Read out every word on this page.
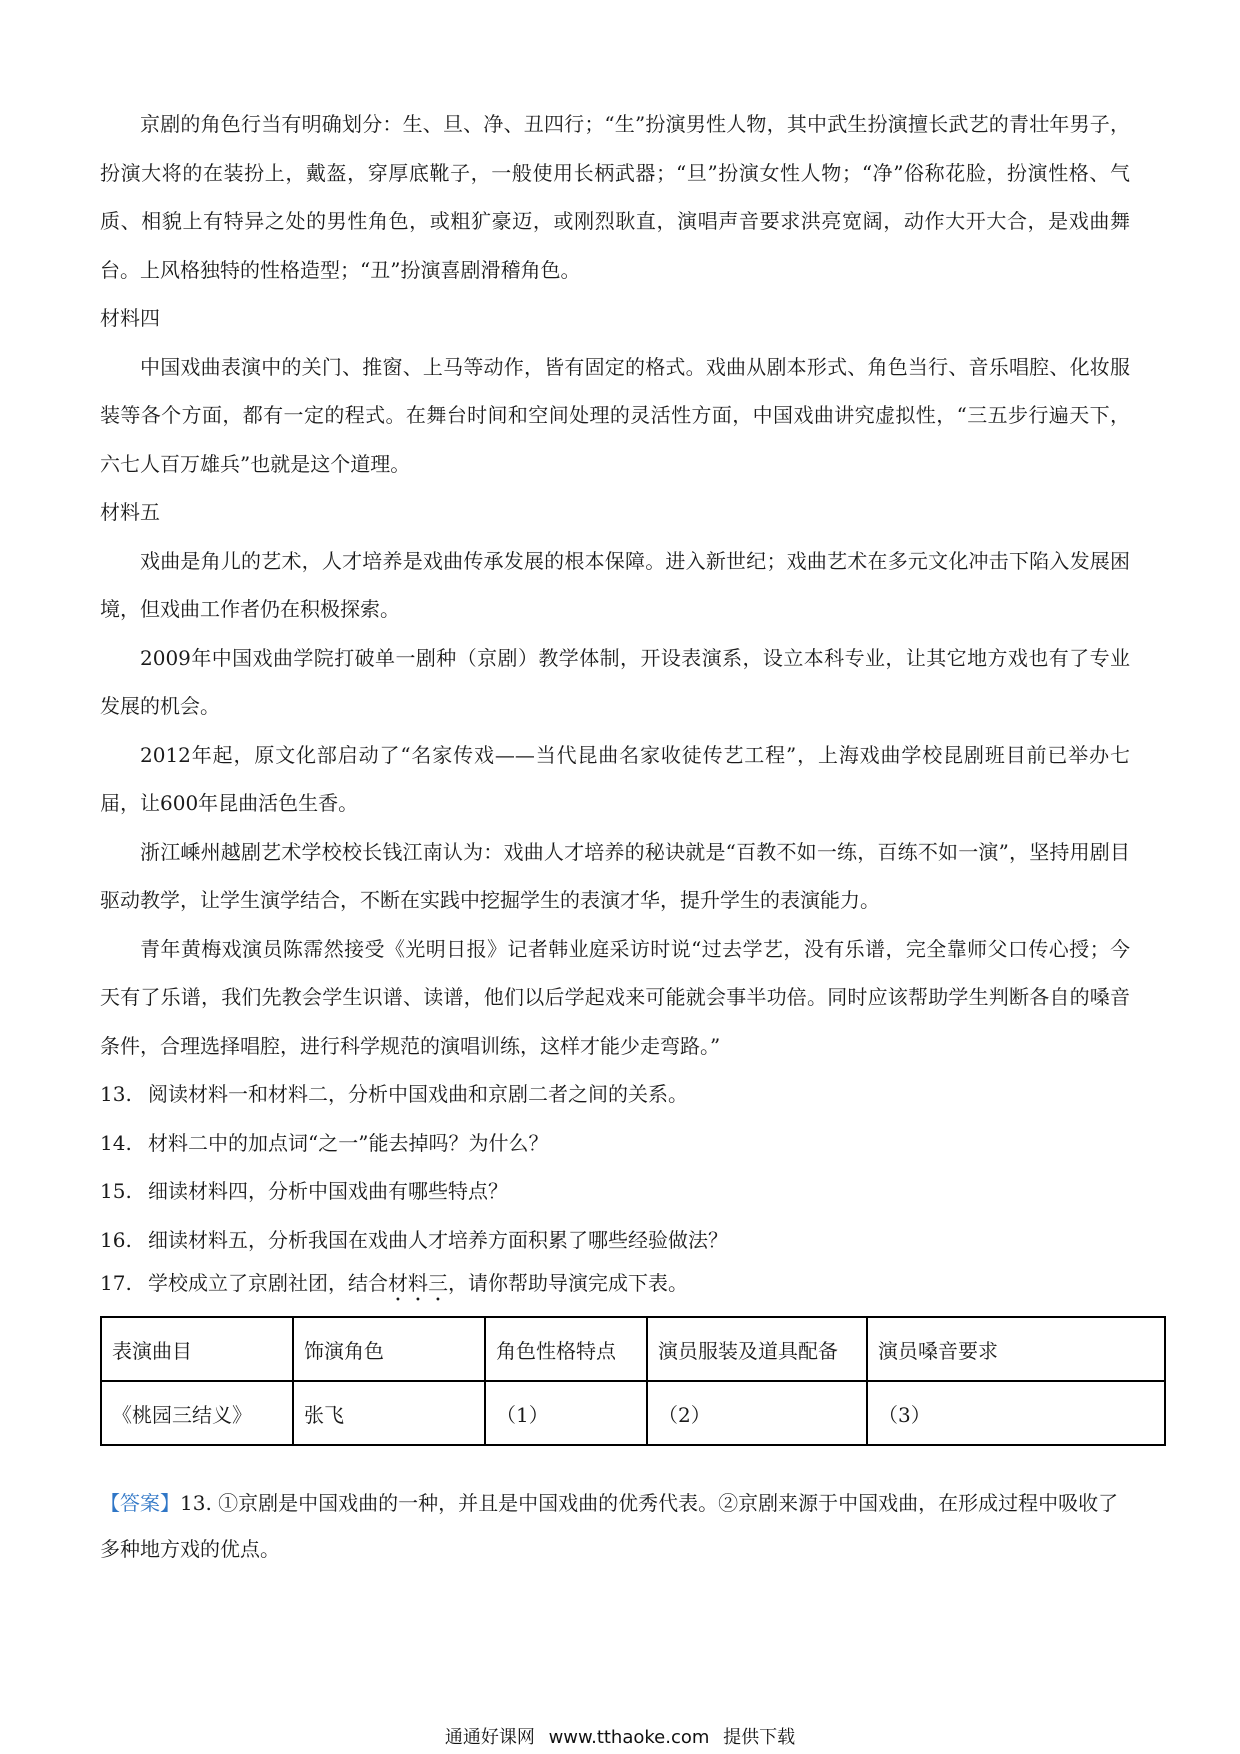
京剧的角色行当有明确划分：生、旦、净、丑四行；“生”扮演男性人物，其中武生扮演擅长武艺的青壮年男子，扮演大将的在装扮上，戴盔，穿厚底靴子，一般使用长柄武器；“旦”扮演女性人物；“净”俗称花脸，扮演性格、气质、相貌上有特异之处的男性角色，或粗犷豪迈，或刚烈耿直，演唱声音要求洪亮宽阔，动作大开大合，是戏曲舞台。上风格独特的性格造型；“丑”扮演喜剧滑稽角色。

材料四

中国戏曲表演中的关门、推窗、上马等动作，皆有固定的格式。戏曲从剧本形式、角色当行、音乐唱腔、化妆服装等各个方面，都有一定的程式。在舞台时间和空间处理的灵活性方面，中国戏曲讲究虚拟性，“三五步行遍天下，六七人百万雄兵”也就是这个道理。

材料五

戏曲是角儿的艺术，人才培养是戏曲传承发展的根本保障。进入新世纪；戏曲艺术在多元文化冲击下陷入发展困境，但戏曲工作者仍在积极探索。

2009年中国戏曲学院打破单一剧种（京剧）教学体制，开设表演系，设立本科专业，让其它地方戏也有了专业发展的机会。

2012年起，原文化部启动了“名家传戏——当代昆曲名家收徒传艺工程”，上海戏曲学校昆剧班目前已举办七届，让600年昆曲活色生香。

浙江嵊州越剧艺术学校校长钱江南认为：戏曲人才培养的秘诀就是“百教不如一练，百练不如一演”，坚持用剧目驱动教学，让学生演学结合，不断在实践中挖掘学生的表演才华，提升学生的表演能力。

青年黄梅戏演员陈霈然接受《光明日报》记者韩业庭采访时说“过去学艺，没有乐谱，完全靠师父口传心授；今天有了乐谱，我们先教会学生识谱、读谱，他们以后学起戏来可能就会事半功倍。同时应该帮助学生判断各自的嗓音条件，合理选择唱腔，进行科学规范的演唱训练，这样才能少走弯路。”

13. 阅读材料一和材料二，分析中国戏曲和京剧二者之间的关系。

14. 材料二中的加点词“之一”能去掉吗？为什么？

15. 细读材料四，分析中国戏曲有哪些特点？

16. 细读材料五，分析我国在戏曲人才培养方面积累了哪些经验做法？

17. 学校成立了京剧社团，结合材料三，请你帮助导演完成下表。

表演曲目	饰演角色	角色性格特点	演员服装及道具配备	演员嗓音要求
《桃园三结义》	张飞	（1）	（2）	（3）

【答案】13. ①京剧是中国戏曲的一种，并且是中国戏曲的优秀代表。②京剧来源于中国戏曲，在形成过程中吸收了多种地方戏的优点。

通通好课网 www.tthaoke.com 提供下载
